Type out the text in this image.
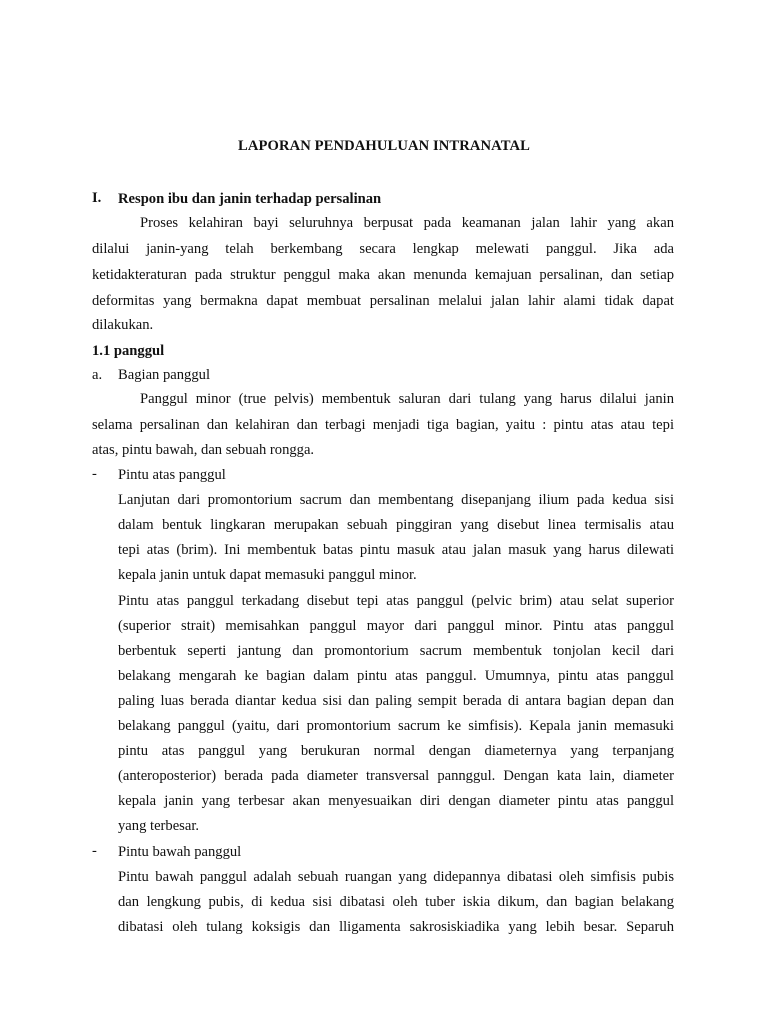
LAPORAN PENDAHULUAN INTRANATAL
I. Respon ibu dan janin terhadap persalinan
Proses kelahiran bayi seluruhnya berpusat pada keamanan jalan lahir yang akan
dilalui janin-yang telah berkembang secara lengkap melewati panggul. Jika ada
ketidakteraturan pada struktur penggul maka akan menunda kemajuan persalinan, dan setiap
deformitas yang bermakna dapat membuat persalinan melalui jalan lahir alami tidak dapat
dilakukan.
1.1 panggul
a.	Bagian panggul
Panggul minor (true pelvis) membentuk saluran dari tulang yang harus dilalui janin
selama persalinan dan kelahiran dan terbagi menjadi tiga bagian, yaitu : pintu atas atau tepi
atas, pintu bawah, dan sebuah rongga.
- Pintu atas panggul
Lanjutan dari promontorium sacrum dan membentang disepanjang ilium pada kedua sisi
dalam bentuk lingkaran merupakan sebuah pinggiran yang disebut linea termisalis atau
tepi atas (brim). Ini membentuk batas pintu masuk atau jalan masuk yang harus dilewati
kepala janin untuk dapat memasuki panggul minor.
Pintu atas panggul terkadang disebut tepi atas panggul (pelvic brim) atau selat superior
(superior strait) memisahkan panggul mayor dari panggul minor. Pintu atas panggul
berbentuk seperti jantung dan promontorium sacrum membentuk tonjolan kecil dari
belakang mengarah ke bagian dalam pintu atas panggul. Umumnya, pintu atas panggul
paling luas berada diantar kedua sisi dan paling sempit berada di antara bagian depan dan
belakang panggul (yaitu, dari promontorium sacrum ke simfisis). Kepala janin memasuki
pintu atas panggul yang berukuran normal dengan diameternya yang terpanjang
(anteroposterior) berada pada diameter transversal pannggul. Dengan kata lain, diameter
kepala janin yang terbesar akan menyesuaikan diri dengan diameter pintu atas panggul
yang terbesar.
- Pintu bawah panggul
Pintu bawah panggul adalah sebuah ruangan yang didepannya dibatasi oleh simfisis pubis
dan lengkung pubis, di kedua sisi dibatasi oleh tuber iskia dikum, dan bagian belakang
dibatasi oleh tulang koksigis dan lligamenta sakrosiskiadika yang lebih besar. Separuh
